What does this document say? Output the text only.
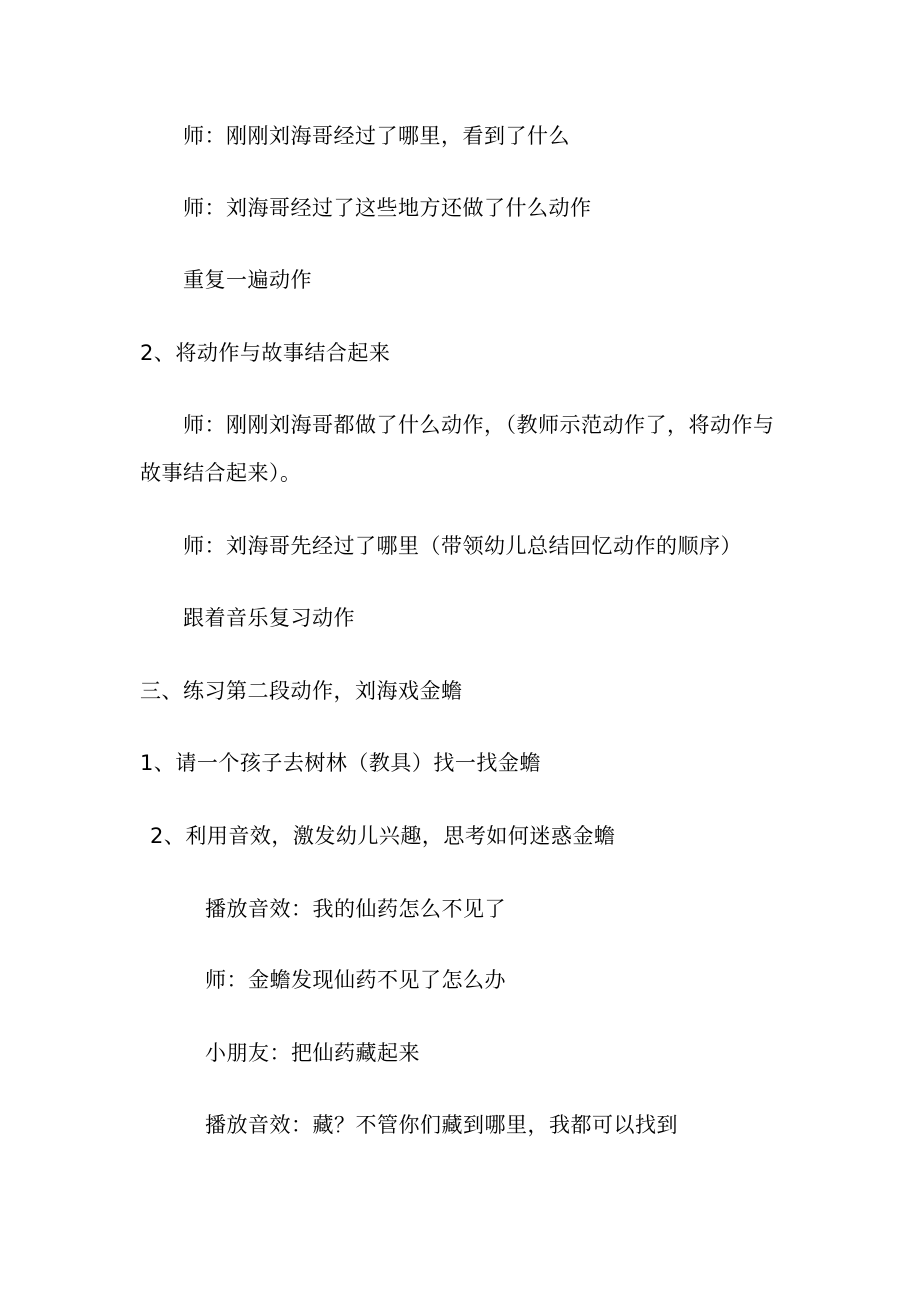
师：刚刚刘海哥经过了哪里，看到了什么
师：刘海哥经过了这些地方还做了什么动作
重复一遍动作
2、将动作与故事结合起来
师：刚刚刘海哥都做了什么动作，（教师示范动作了，将动作与
故事结合起来）。
师：刘海哥先经过了哪里（带领幼儿总结回忆动作的顺序）
跟着音乐复习动作
三、练习第二段动作，刘海戏金蟾
1、请一个孩子去树林（教具）找一找金蟾
2、利用音效，激发幼儿兴趣，思考如何迷惑金蟾
播放音效：我的仙药怎么不见了
师：金蟾发现仙药不见了怎么办
小朋友：把仙药藏起来
播放音效：藏？不管你们藏到哪里，我都可以找到
